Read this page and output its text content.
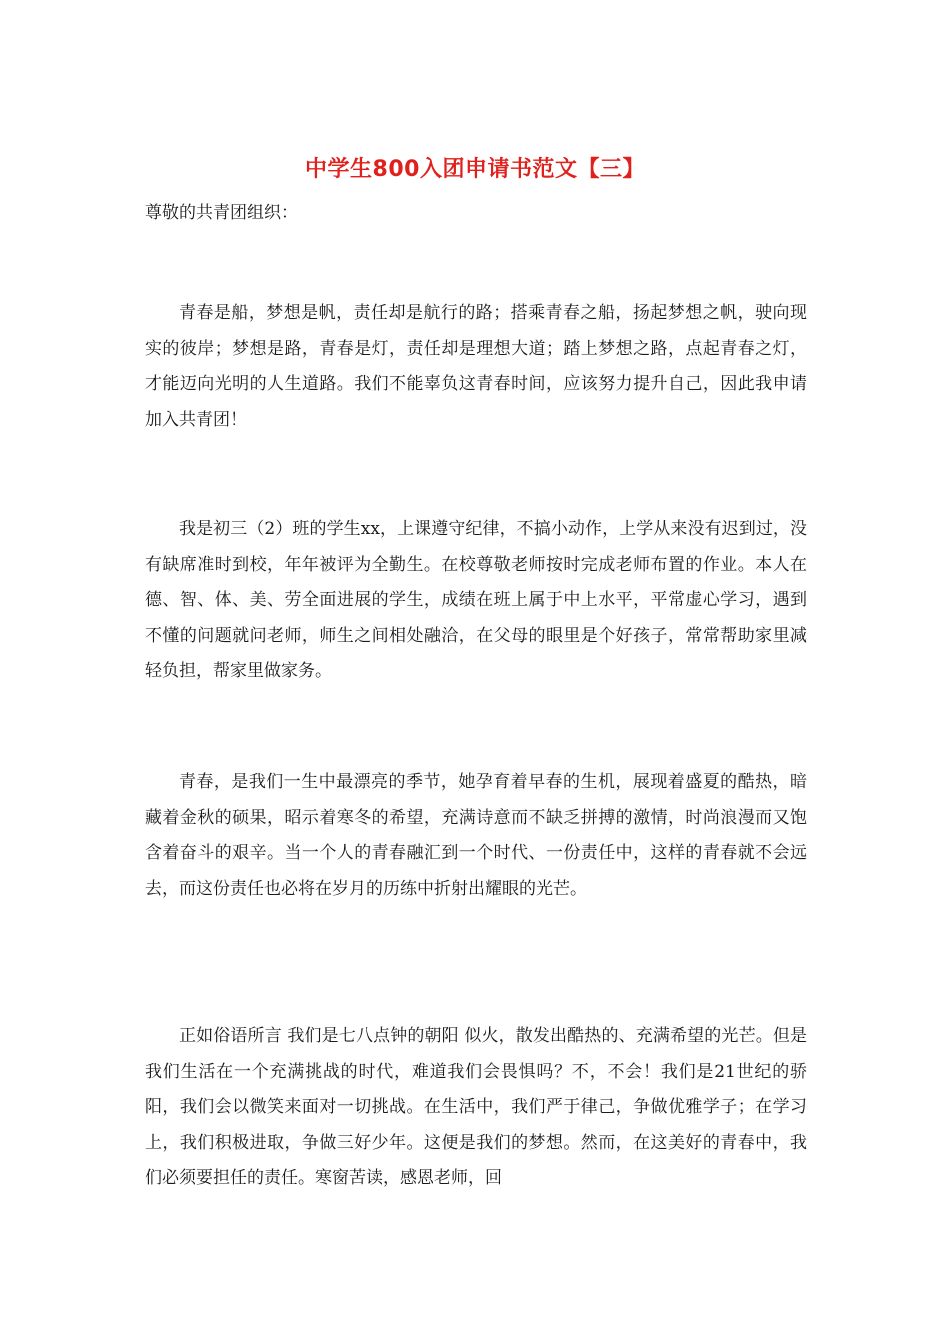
中学生800入团申请书范文【三】
尊敬的共青团组织：
青春是船，梦想是帆，责任却是航行的路；搭乘青春之船，扬起梦想之帆，驶向现实的彼岸；梦想是路，青春是灯，责任却是理想大道；踏上梦想之路，点起青春之灯，才能迈向光明的人生道路。我们不能辜负这青春时间，应该努力提升自己，因此我申请加入共青团！
我是初三（2）班的学生xx，上课遵守纪律，不搞小动作，上学从来没有迟到过，没有缺席准时到校，年年被评为全勤生。在校尊敬老师按时完成老师布置的作业。本人在德、智、体、美、劳全面进展的学生，成绩在班上属于中上水平，平常虚心学习，遇到不懂的问题就问老师，师生之间相处融洽，在父母的眼里是个好孩子，常常帮助家里减轻负担，帮家里做家务。
青春，是我们一生中最漂亮的季节，她孕育着早春的生机，展现着盛夏的酷热，暗藏着金秋的硕果，昭示着寒冬的希望，充满诗意而不缺乏拼搏的激情，时尚浪漫而又饱含着奋斗的艰辛。当一个人的青春融汇到一个时代、一份责任中，这样的青春就不会远去，而这份责任也必将在岁月的历练中折射出耀眼的光芒。
正如俗语所言 我们是七八点钟的朝阳 似火，散发出酷热的、充满希望的光芒。但是我们生活在一个充满挑战的时代，难道我们会畏惧吗？不，不会！我们是21世纪的骄阳，我们会以微笑来面对一切挑战。在生活中，我们严于律己，争做优雅学子；在学习上，我们积极进取，争做三好少年。这便是我们的梦想。然而，在这美好的青春中，我们必须要担任的责任。寒窗苦读，感恩老师，回
